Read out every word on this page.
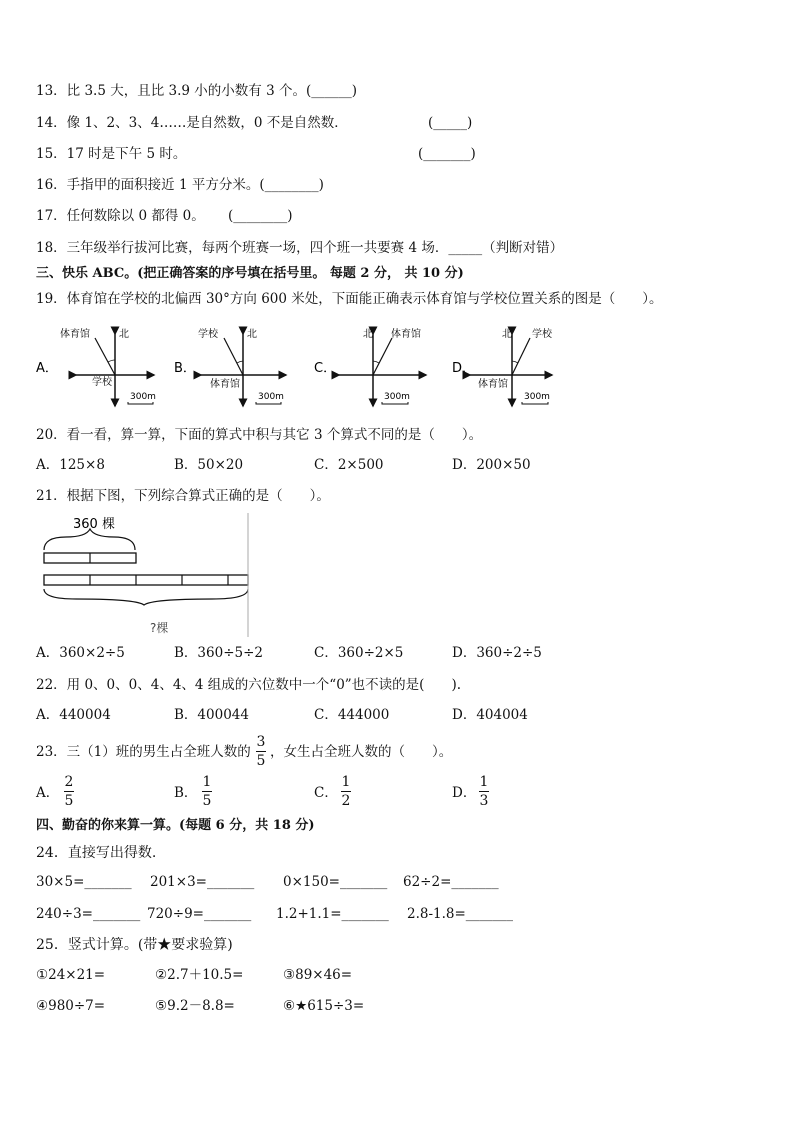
13．比 3.5 大，且比 3.9 小的小数有 3 个。(______)
14．像 1、2、3、4……是自然数，0 不是自然数．	(_____)
15．17 时是下午 5 时。	(_______)
16．手指甲的面积接近 1 平方分米。(________)
17．任何数除以 0 都得 0。 (________)
18．三年级举行拔河比赛，每两个班赛一场，四个班一共要赛 4 场．_____（判断对错）
三、快乐 ABC。(把正确答案的序号填在括号里。 每题 2 分， 共 10 分)
19．体育馆在学校的北偏西 30°方向 600 米处，下面能正确表示体育馆与学校位置关系的图是（　　）。
A．
体育馆	北
学校
300m
B．
学校	北
体育馆
300m
C．
北 体育馆
300m
D．
北 学校
体育馆
300m
20．看一看，算一算，下面的算式中积与其它 3 个算式不同的是（　　）。
A．125×8	B．50×20	C．2×500	D．200×50
21．根据下图，下列综合算式正确的是（　　）。
360 棵
?棵
A．360×2÷5	B．360÷5÷2	C．360÷2×5	D．360÷2÷5
22．用 0、0、0、4、4、4 组成的六位数中一个“0”也不读的是(　　).
A．440004	B．400044	C．444000	D．404004
23．三（1）班的男生占全班人数的
3
5
，女生占全班人数的（　　）。
A．
2
5	B．
1
5	C．
1
2	D．
1
3
四、勤奋的你来算一算。(每题 6 分，共 18 分)
24．直接写出得数.
30×5=_______ 201×3=_______ 0×150=_______ 62÷2=_______
240÷3=_______ 720÷9=_______ 1.2+1.1=_______ 2.8-1.8=_______
25．竖式计算。(带★要求验算)
①24×21=	②2.7＋10.5=	③89×46=
④980÷7=	⑤9.2－8.8=	⑥★615÷3=
